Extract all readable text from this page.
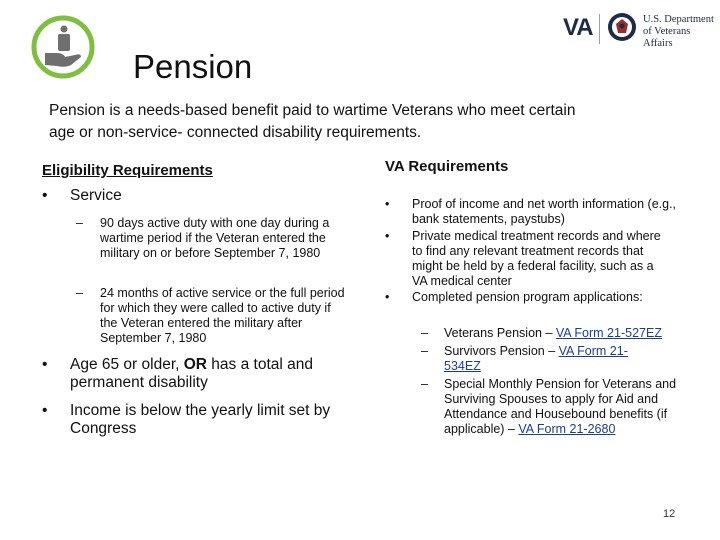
VA	U.S. Department
of Veterans Affairs
Pension

Pension is a needs-based benefit paid to wartime Veterans who meet certain age or non-service- connected disability requirements.

Eligibility Requirements
• Service
– 90 days active duty with one day during a wartime period if the Veteran entered the military on or before September 7, 1980
– 24 months of active service or the full period for which they were called to active duty if the Veteran entered the military after September 7, 1980
• Age 65 or older, OR has a total and permanent disability
• Income is below the yearly limit set by Congress
VA Requirements
• Proof of income and net worth information (e.g., bank statements, paystubs)
• Private medical treatment records and where to find any relevant treatment records that might be held by a federal facility, such as a VA medical center
• Completed pension program applications:
– Veterans Pension – VA Form 21-527EZ
– Survivors Pension – VA Form 21-534EZ
– Special Monthly Pension for Veterans and Surviving Spouses to apply for Aid and Attendance and Housebound benefits (if applicable) – VA Form 21-2680
12
